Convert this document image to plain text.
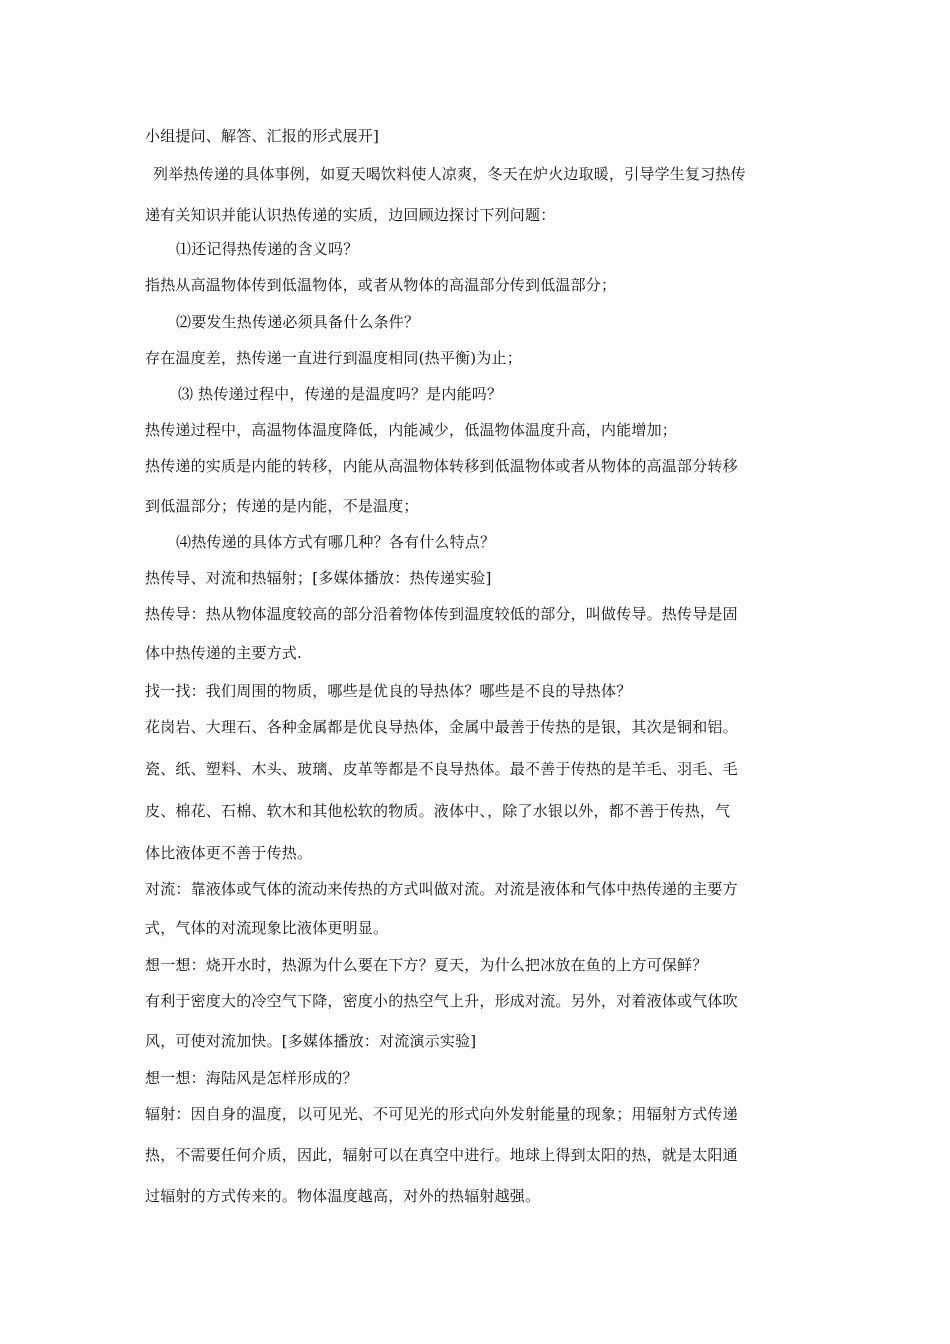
小组提问、解答、汇报的形式展开]
列举热传递的具体事例，如夏天喝饮料使人凉爽，冬天在炉火边取暖，引导学生复习热传
递有关知识并能认识热传递的实质，边回顾边探讨下列问题：
⑴还记得热传递的含义吗？
指热从高温物体传到低温物体，或者从物体的高温部分传到低温部分；
⑵要发生热传递必须具备什么条件？
存在温度差，热传递一直进行到温度相同(热平衡)为止；
⑶ 热传递过程中，传递的是温度吗？是内能吗？
热传递过程中，高温物体温度降低，内能减少，低温物体温度升高，内能增加；
热传递的实质是内能的转移，内能从高温物体转移到低温物体或者从物体的高温部分转移
到低温部分；传递的是内能，不是温度；
⑷热传递的具体方式有哪几种？各有什么特点？
热传导、对流和热辐射；[多媒体播放：热传递实验]
热传导：热从物体温度较高的部分沿着物体传到温度较低的部分，叫做传导。热传导是固
体中热传递的主要方式.
找一找：我们周围的物质，哪些是优良的导热体？哪些是不良的导热体？
花岗岩、大理石、各种金属都是优良导热体，金属中最善于传热的是银，其次是铜和铝。
瓷、纸、塑料、木头、玻璃、皮革等都是不良导热体。最不善于传热的是羊毛、羽毛、毛
皮、棉花、石棉、软木和其他松软的物质。液体中、，除了水银以外，都不善于传热，气
体比液体更不善于传热。
对流：靠液体或气体的流动来传热的方式叫做对流。对流是液体和气体中热传递的主要方
式，气体的对流现象比液体更明显。
想一想：烧开水时，热源为什么要在下方？夏天，为什么把冰放在鱼的上方可保鲜？
有利于密度大的冷空气下降，密度小的热空气上升，形成对流。另外，对着液体或气体吹
风，可使对流加快。[多媒体播放：对流演示实验]
想一想：海陆风是怎样形成的？
辐射：因自身的温度，以可见光、不可见光的形式向外发射能量的现象；用辐射方式传递
热，不需要任何介质，因此，辐射可以在真空中进行。地球上得到太阳的热，就是太阳通
过辐射的方式传来的。物体温度越高，对外的热辐射越强。
